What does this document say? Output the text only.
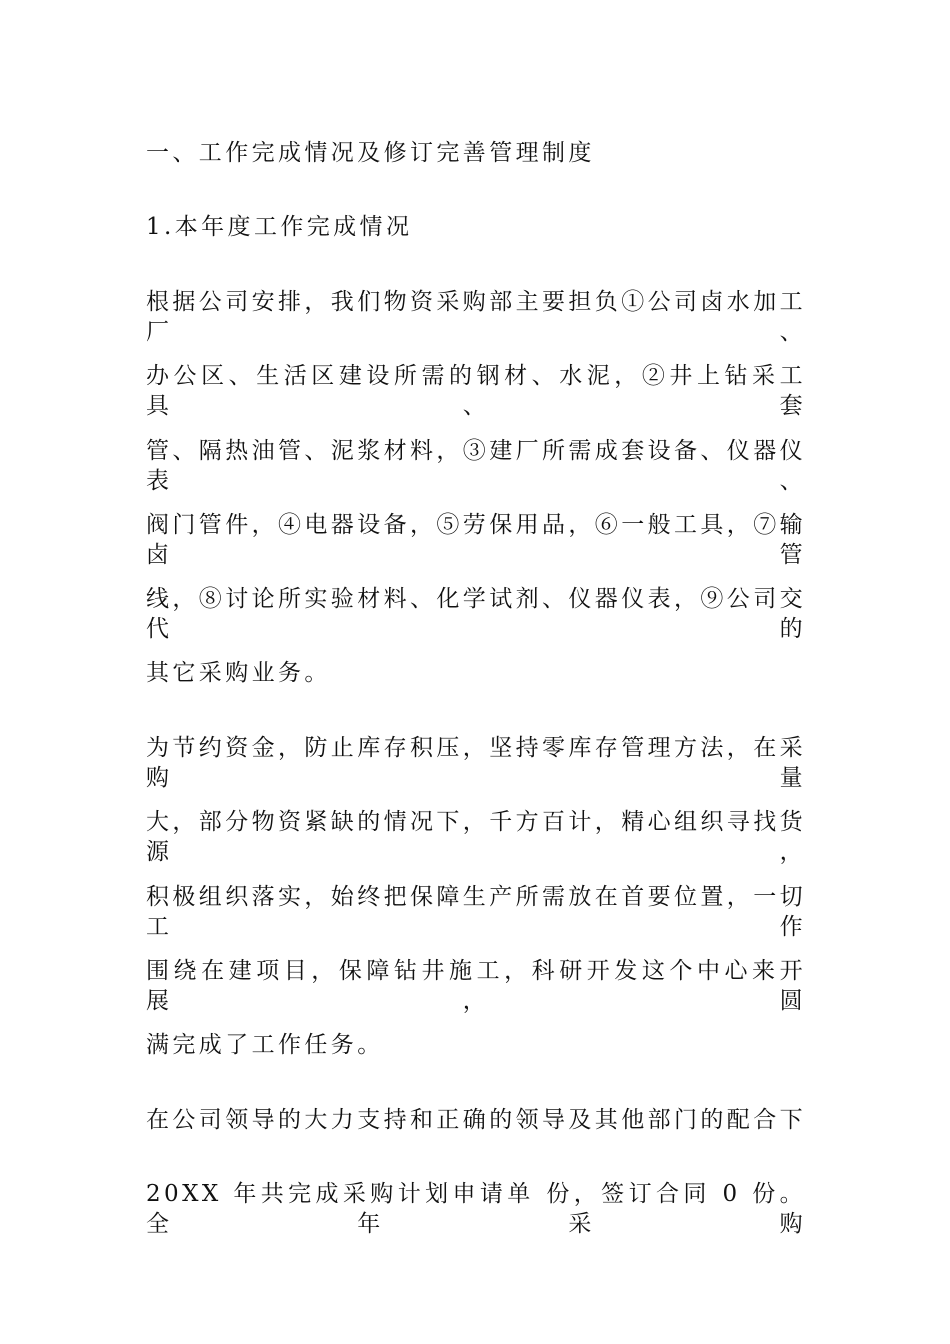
一、工作完成情况及修订完善管理制度
1.本年度工作完成情况
根据公司安排，我们物资采购部主要担负①公司卤水加工厂、
办公区、生活区建设所需的钢材、水泥，②井上钻采工具、套
管、隔热油管、泥浆材料，③建厂所需成套设备、仪器仪表、
阀门管件，④电器设备，⑤劳保用品，⑥一般工具，⑦输卤管
线，⑧讨论所实验材料、化学试剂、仪器仪表，⑨公司交代的
其它采购业务。
为节约资金，防止库存积压，坚持零库存管理方法，在采购量
大，部分物资紧缺的情况下，千方百计，精心组织寻找货源，
积极组织落实，始终把保障生产所需放在首要位置，一切工作
围绕在建项目，保障钻井施工，科研开发这个中心来开展，圆
满完成了工作任务。
在公司领导的大力支持和正确的领导及其他部门的配合下
20XX 年共完成采购计划申请单 份，签订合同 0 份。全年采购
